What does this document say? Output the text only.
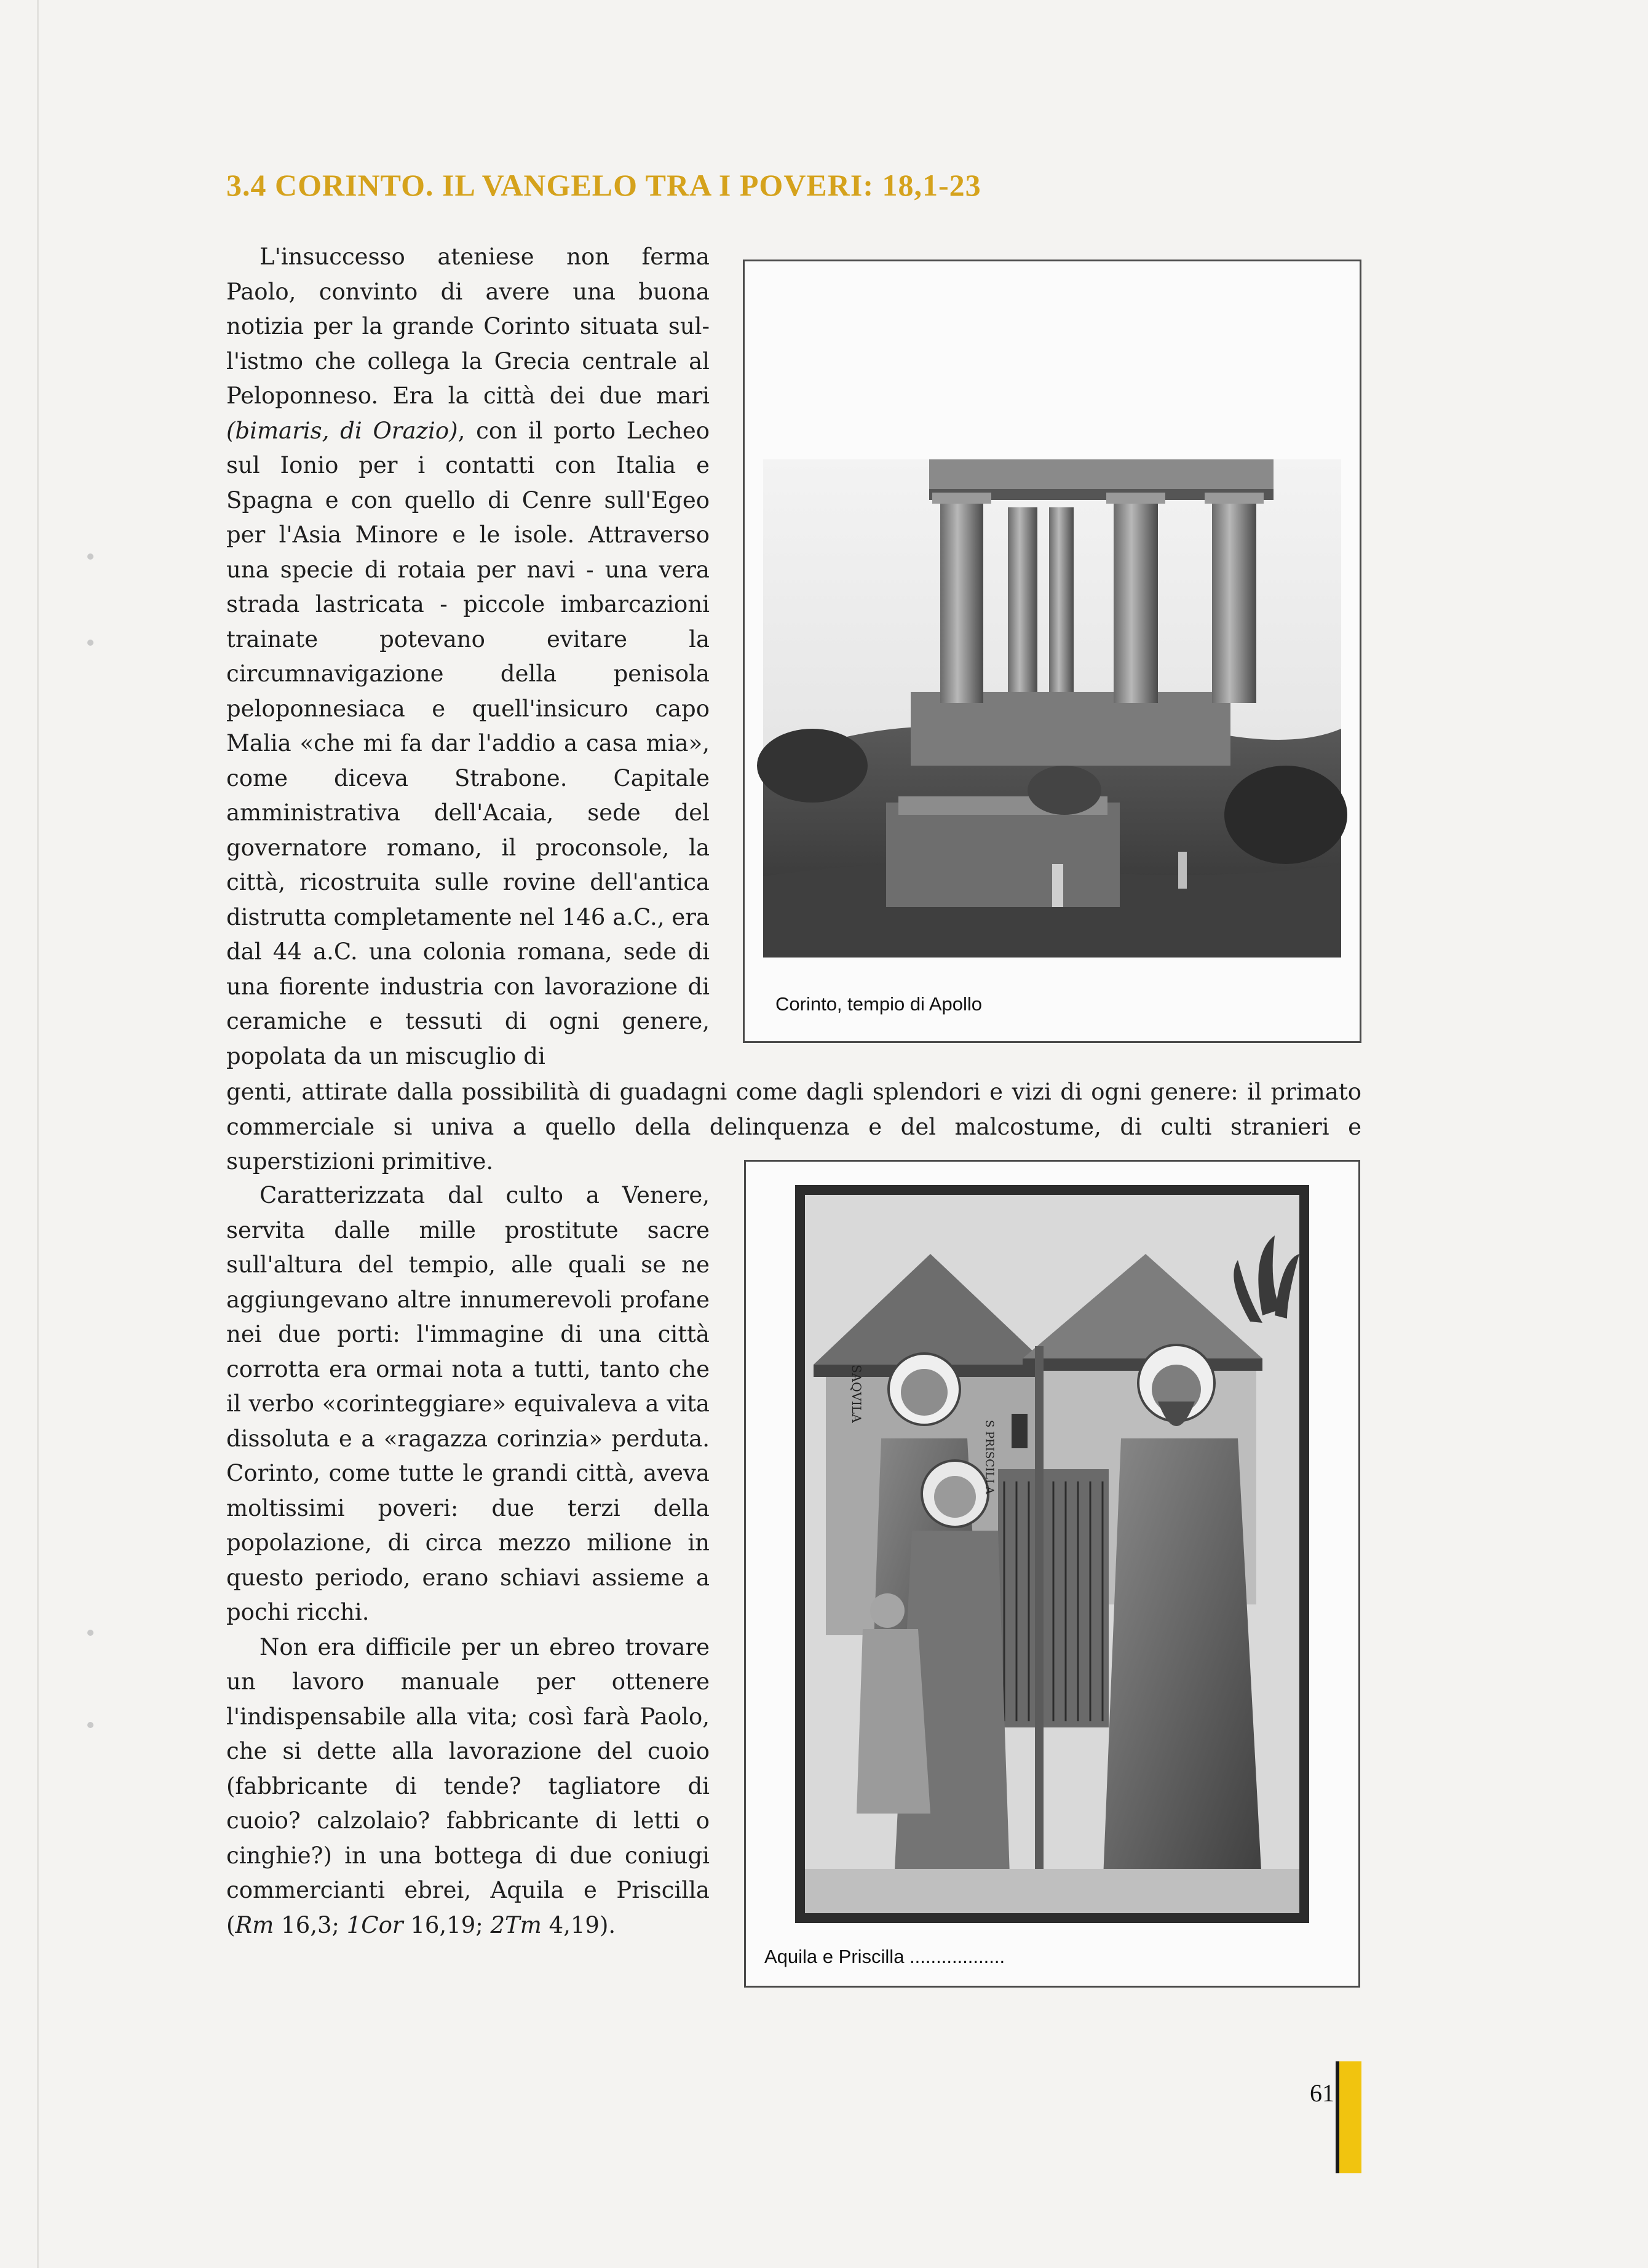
3.4 CORINTO. IL VANGELO TRA I POVERI: 18,1-23

L'insuccesso ateniese non ferma Paolo, convinto di avere una buona notizia per la grande Corinto situata sul-l'istmo che collega la Grecia centrale al Peloponneso. Era la città dei due mari (bimaris, di Orazio), con il porto Lecheo sul Ionio per i contatti con Italia e Spagna e con quello di Cenre sull'Egeo per l'Asia Minore e le isole. Attraverso una specie di rotaia per navi - una vera strada lastricata - piccole imbarcazioni trainate potevano evitare la circumnavigazione della penisola peloponnesiaca e quell'insicuro capo Malia «che mi fa dar l'addio a casa mia», come diceva Strabone. Capitale amministrativa dell'Acaia, sede del governatore romano, il proconsole, la città, ricostruita sulle rovine dell'antica distrutta completamente nel 146 a.C., era dal 44 a.C. una colonia romana, sede di una fiorente industria con lavorazione di ceramiche e tessuti di ogni genere, popolata da un miscuglio di

genti, attirate dalla possibilità di guadagni come dagli splendori e vizi di ogni genere: il primato commerciale si univa a quello della delinquenza e del malcostume, di culti stranieri e superstizioni primitive.

Caratterizzata dal culto a Venere, servita dalle mille prostitute sacre sull'altura del tempio, alle quali se ne aggiungevano altre innumerevoli profane nei due porti: l'immagine di una città corrotta era ormai nota a tutti, tanto che il verbo «corinteggiare» equivaleva a vita dissoluta e a «ragazza corinzia» perduta. Corinto, come tutte le grandi città, aveva moltissimi poveri: due terzi della popolazione, di circa mezzo milione in questo periodo, erano schiavi assieme a pochi ricchi.

Non era difficile per un ebreo trovare un lavoro manuale per ottenere l'indispensabile alla vita; così farà Paolo, che si dette alla lavorazione del cuoio (fabbricante di tende? tagliatore di cuoio? calzolaio? fabbricante di letti o cinghie?) in una bottega di due coniugi commercianti ebrei, Aquila e Priscilla (Rm 16,3; 1Cor 16,19; 2Tm 4,19).

Corinto, tempio di Apollo
SAQVILA
S PRISCILLA
Aquila e Priscilla ..................
61
